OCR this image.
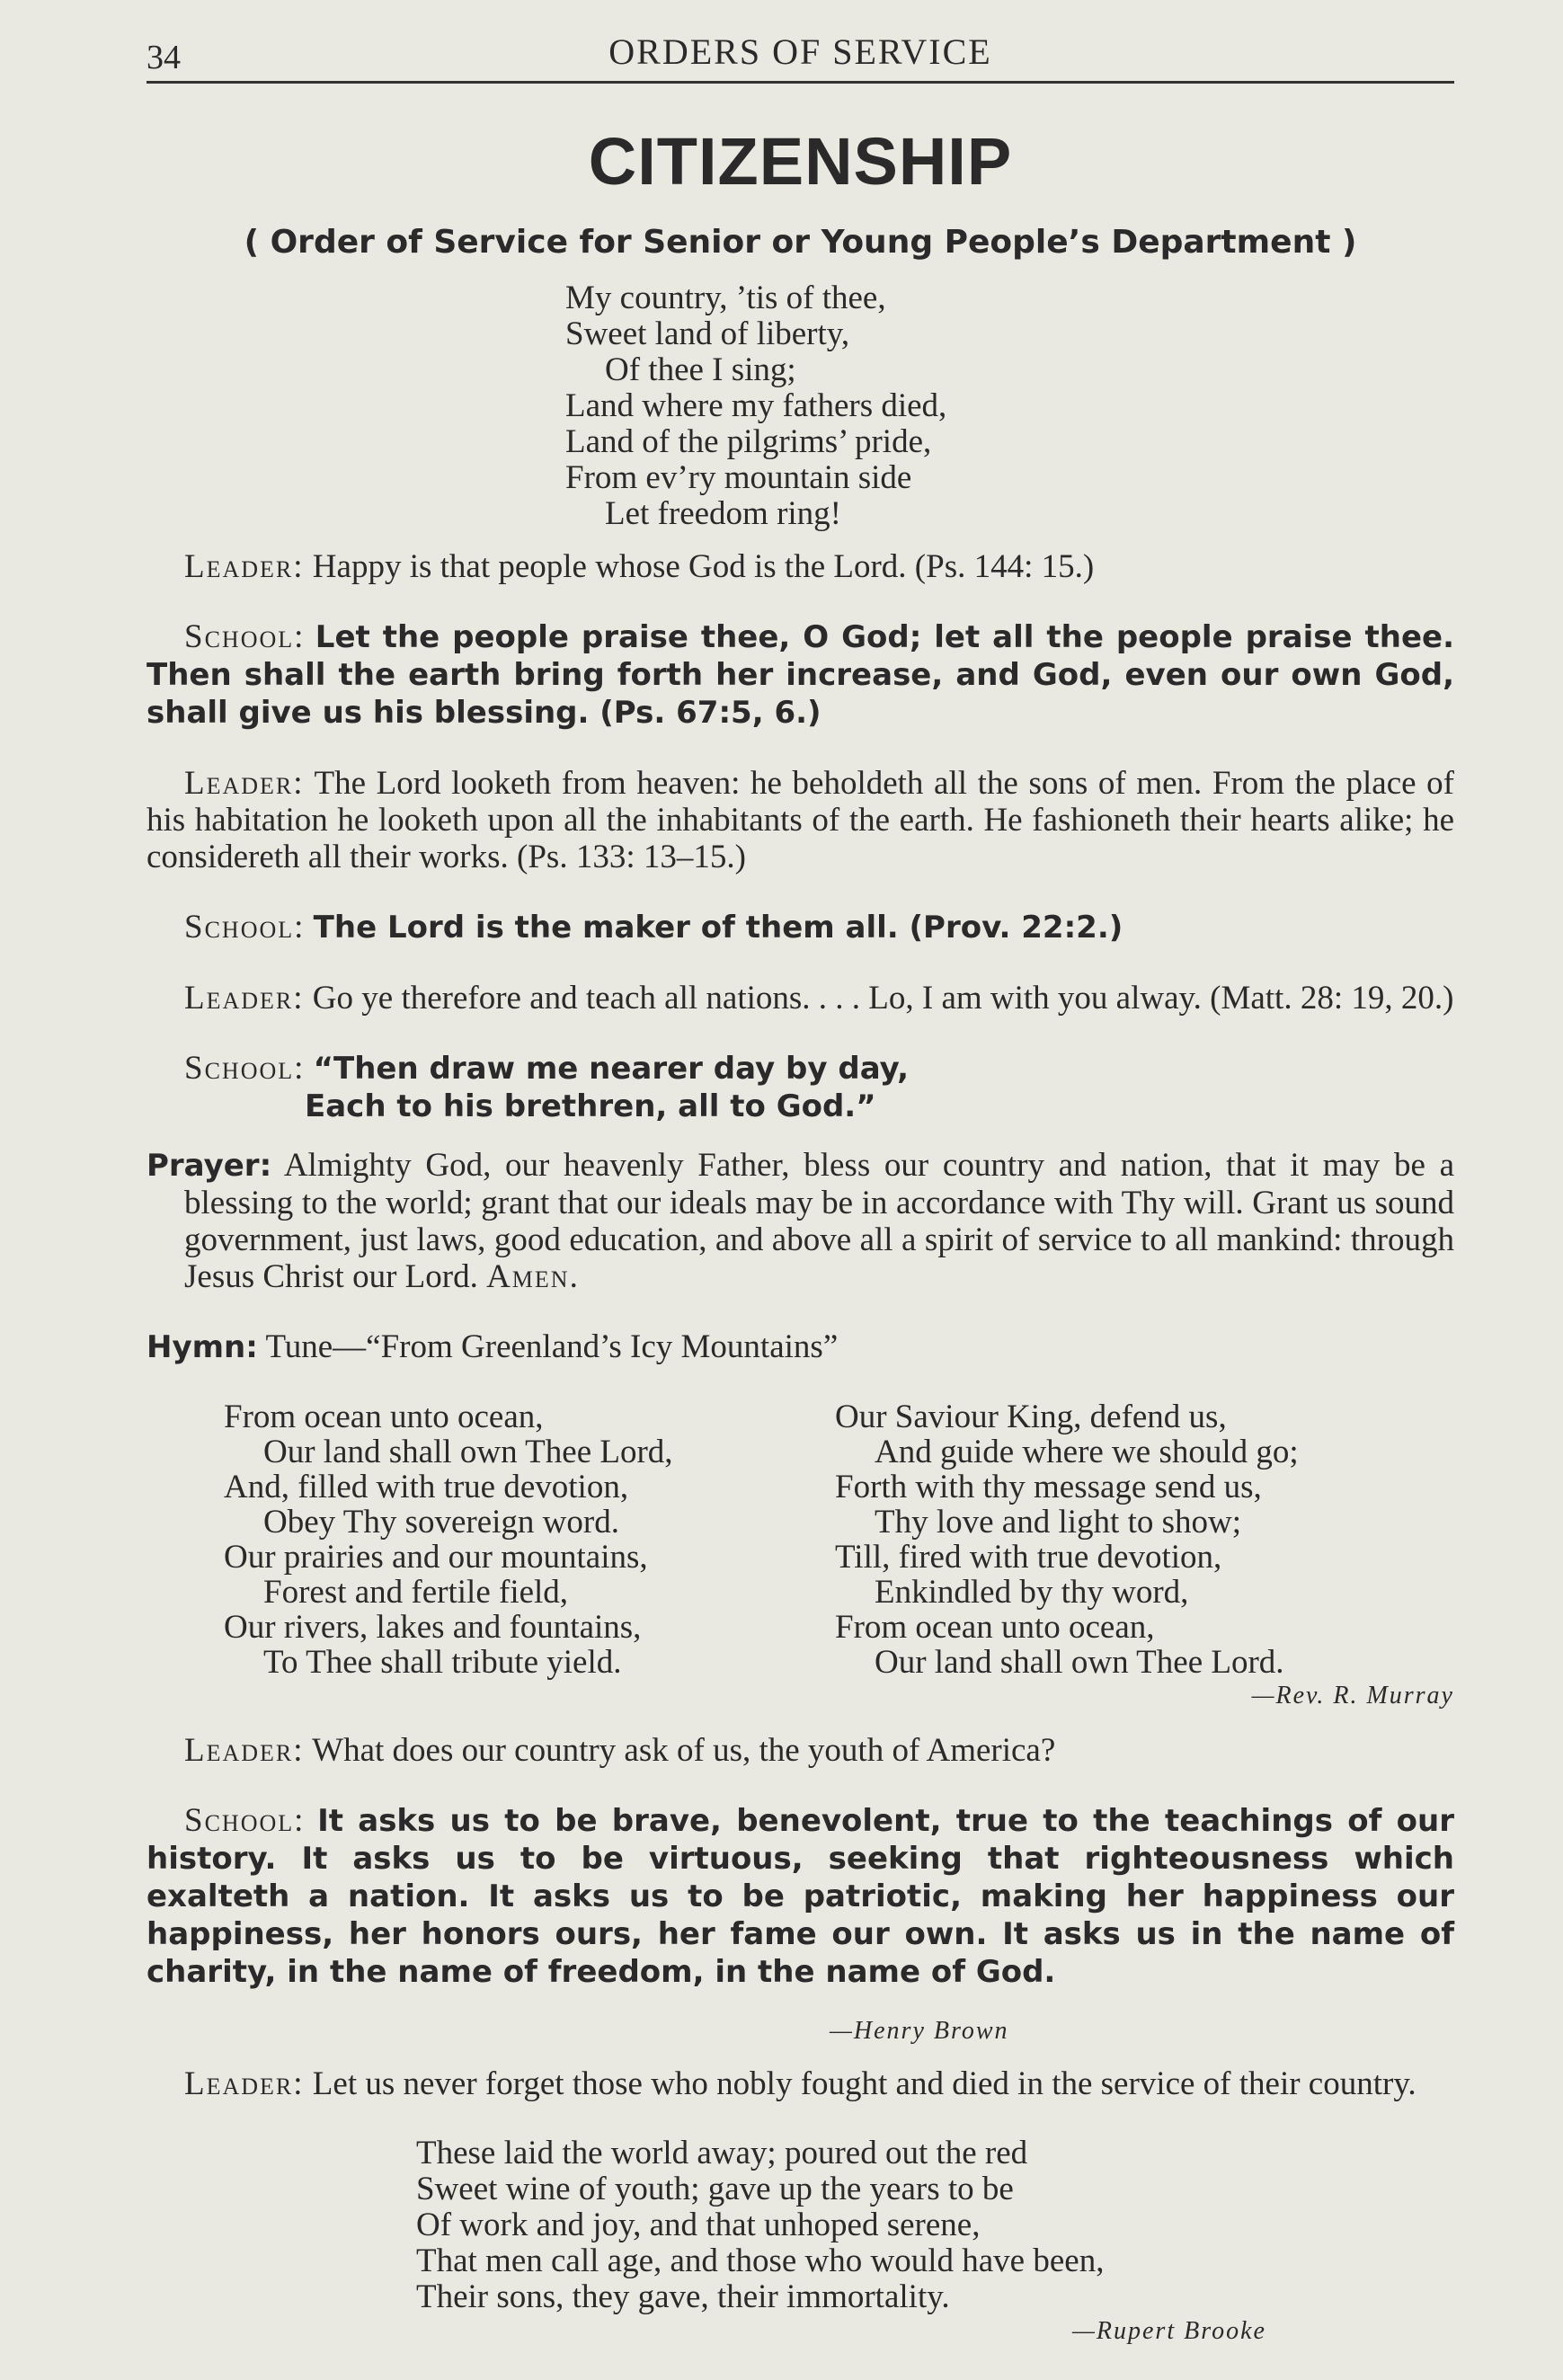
34	ORDERS OF SERVICE
CITIZENSHIP
( Order of Service for Senior or Young People’s Department )
My country, ’tis of thee,
Sweet land of liberty,
Of thee I sing;
Land where my fathers died,
Land of the pilgrims’ pride,
From ev’ry mountain side
Let freedom ring!

Leader: Happy is that people whose God is the Lord. (Ps. 144: 15.)

School: Let the people praise thee, O God; let all the people praise thee. Then shall the earth bring forth her increase, and God, even our own God, shall give us his blessing. (Ps. 67:5, 6.)

Leader: The Lord looketh from heaven: he beholdeth all the sons of men. From the place of his habitation he looketh upon all the inhabitants of the earth. He fashioneth their hearts alike; he considereth all their works. (Ps. 133: 13–15.)

School: The Lord is the maker of them all. (Prov. 22:2.)

Leader: Go ye therefore and teach all nations. . . . Lo, I am with you alway. (Matt. 28: 19, 20.)

School: “Then draw me nearer day by day,
Each to his brethren, all to God.”

Prayer: Almighty God, our heavenly Father, bless our country and nation, that it may be a blessing to the world; grant that our ideals may be in accordance with Thy will. Grant us sound government, just laws, good education, and above all a spirit of service to all mankind: through Jesus Christ our Lord. Amen.

Hymn: Tune—“From Greenland’s Icy Mountains”

From ocean unto ocean,
Our land shall own Thee Lord,
And, filled with true devotion,
Obey Thy sovereign word.
Our prairies and our mountains,
Forest and fertile field,
Our rivers, lakes and fountains,
To Thee shall tribute yield.
Our Saviour King, defend us,
And guide where we should go;
Forth with thy message send us,
Thy love and light to show;
Till, fired with true devotion,
Enkindled by thy word,
From ocean unto ocean,
Our land shall own Thee Lord.
—Rev. R. Murray

Leader: What does our country ask of us, the youth of America?

School: It asks us to be brave, benevolent, true to the teachings of our history. It asks us to be virtuous, seeking that righteousness which exalteth a nation. It asks us to be patriotic, making her happiness our happiness, her honors ours, her fame our own. It asks us in the name of charity, in the name of freedom, in the name of God.

—Henry Brown

Leader: Let us never forget those who nobly fought and died in the service of their country.

These laid the world away; poured out the red
Sweet wine of youth; gave up the years to be
Of work and joy, and that unhoped serene,
That men call age, and those who would have been,
Their sons, they gave, their immortality.
—Rupert Brooke
